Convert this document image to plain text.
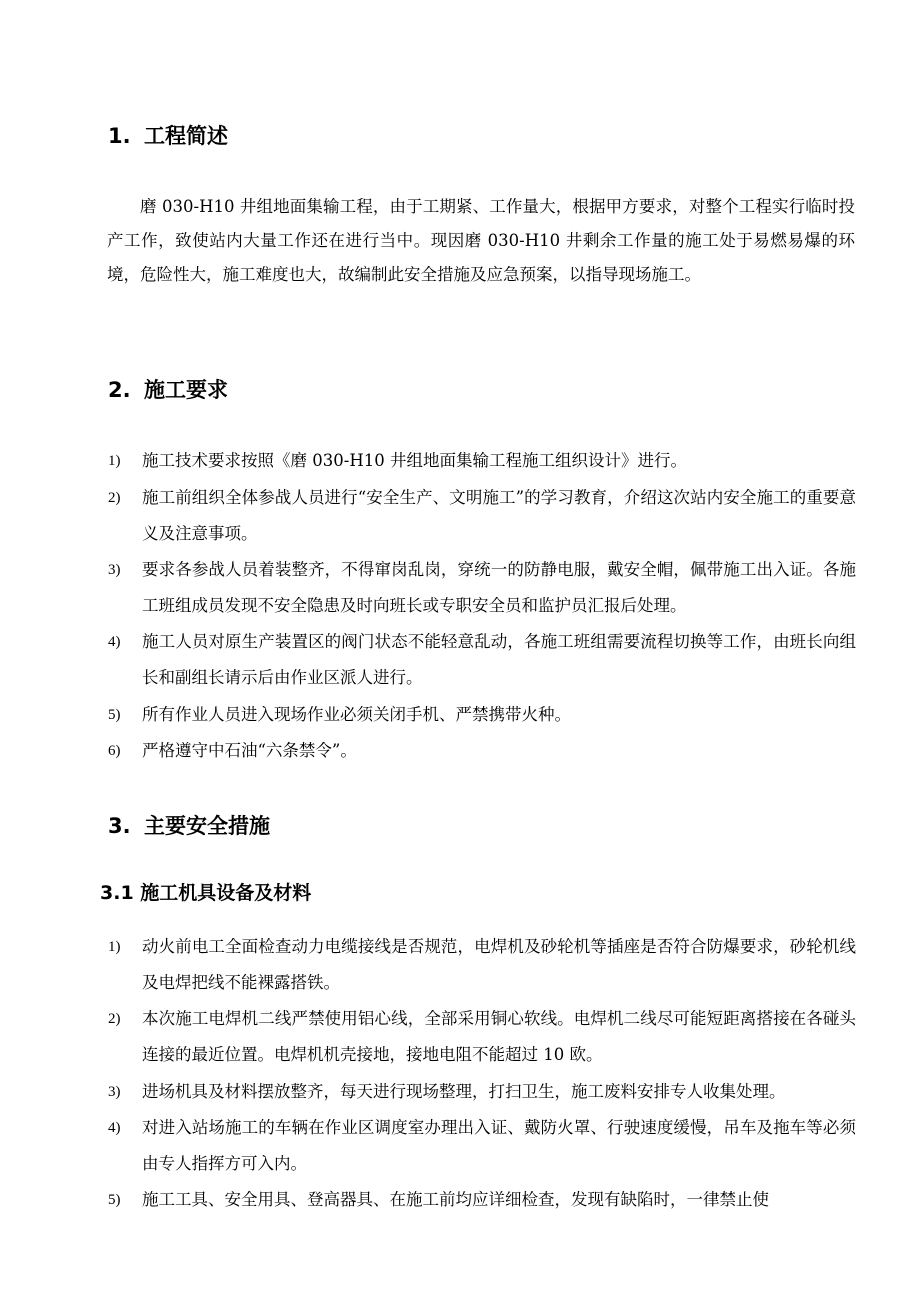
1. 工程简述

磨 030-H10 井组地面集输工程，由于工期紧、工作量大，根据甲方要求，对整个工程实行临时投产工作，致使站内大量工作还在进行当中。现因磨 030-H10 井剩余工作量的施工处于易燃易爆的环境，危险性大，施工难度也大，故编制此安全措施及应急预案，以指导现场施工。

2. 施工要求
1)	施工技术要求按照《磨 030-H10 井组地面集输工程施工组织设计》进行。
2)	施工前组织全体参战人员进行“安全生产、文明施工”的学习教育，介绍这次站内安全施工的重要意义及注意事项。
3)	要求各参战人员着装整齐，不得窜岗乱岗，穿统一的防静电服，戴安全帽，佩带施工出入证。各施工班组成员发现不安全隐患及时向班长或专职安全员和监护员汇报后处理。
4)	施工人员对原生产装置区的阀门状态不能轻意乱动，各施工班组需要流程切换等工作，由班长向组长和副组长请示后由作业区派人进行。
5)	所有作业人员进入现场作业必须关闭手机、严禁携带火种。
6)	严格遵守中石油“六条禁令”。
3. 主要安全措施
3.1 施工机具设备及材料
1)	动火前电工全面检查动力电缆接线是否规范，电焊机及砂轮机等插座是否符合防爆要求，砂轮机线及电焊把线不能裸露搭铁。
2)	本次施工电焊机二线严禁使用铝心线，全部采用铜心软线。电焊机二线尽可能短距离搭接在各碰头连接的最近位置。电焊机机壳接地，接地电阻不能超过 10 欧。
3)	进场机具及材料摆放整齐，每天进行现场整理，打扫卫生，施工废料安排专人收集处理。
4)	对进入站场施工的车辆在作业区调度室办理出入证、戴防火罩、行驶速度缓慢，吊车及拖车等必须由专人指挥方可入内。
5)	施工工具、安全用具、登高器具、在施工前均应详细检查，发现有缺陷时，一律禁止使
